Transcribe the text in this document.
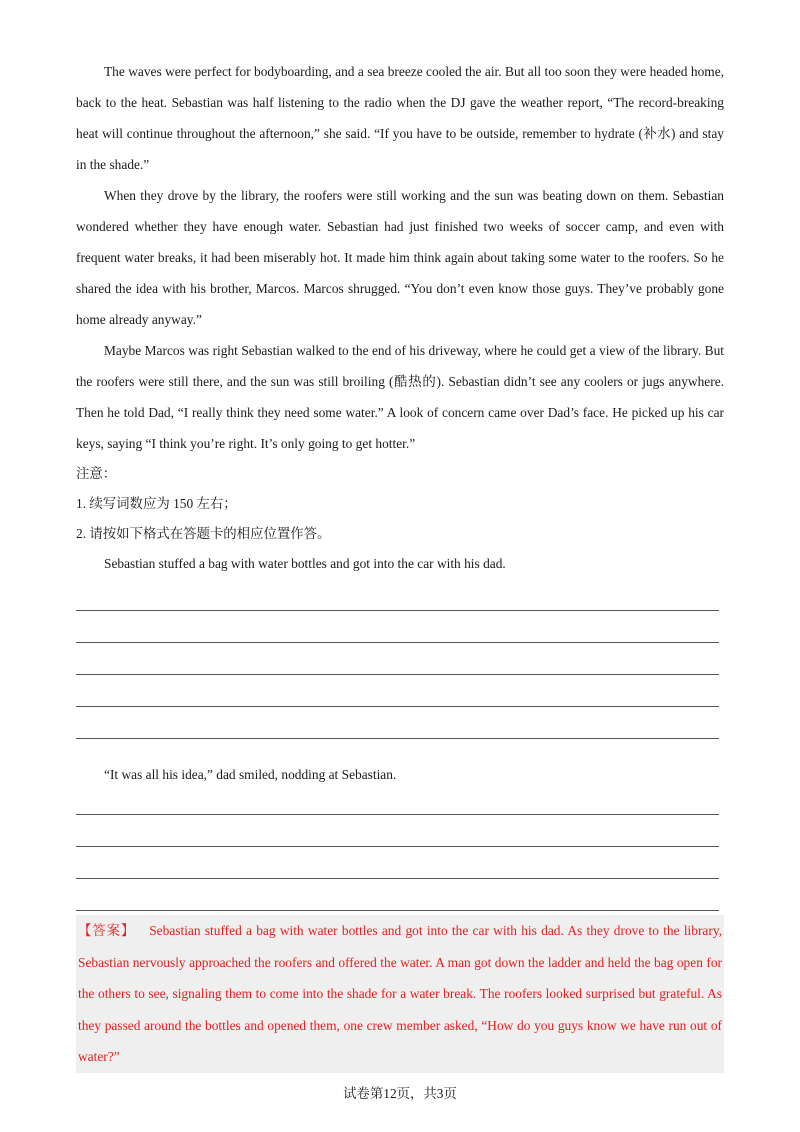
The waves were perfect for bodyboarding, and a sea breeze cooled the air. But all too soon they were headed home, back to the heat. Sebastian was half listening to the radio when the DJ gave the weather report, “The record-breaking heat will continue throughout the afternoon,” she said. “If you have to be outside, remember to hydrate (补水) and stay in the shade.”

When they drove by the library, the roofers were still working and the sun was beating down on them. Sebastian wondered whether they have enough water. Sebastian had just finished two weeks of soccer camp, and even with frequent water breaks, it had been miserably hot. It made him think again about taking some water to the roofers. So he shared the idea with his brother, Marcos. Marcos shrugged. “You don’t even know those guys. They’ve probably gone home already anyway.”

Maybe Marcos was right Sebastian walked to the end of his driveway, where he could get a view of the library. But the roofers were still there, and the sun was still broiling (酷热的). Sebastian didn’t see any coolers or jugs anywhere. Then he told Dad, “I really think they need some water.” A look of concern came over Dad’s face. He picked up his car keys, saying “I think you’re right. It’s only going to get hotter.”

注意：

1. 续写词数应为 150 左右；

2. 请按如下格式在答题卡的相应位置作答。

Sebastian stuffed a bag with water bottles and got into the car with his dad.

“It was all his idea,” dad smiled, nodding at Sebastian.

【答案】 Sebastian stuffed a bag with water bottles and got into the car with his dad. As they drove to the library, Sebastian nervously approached the roofers and offered the water. A man got down the ladder and held the bag open for the others to see, signaling them to come into the shade for a water break. The roofers looked surprised but grateful. As they passed around the bottles and opened them, one crew member asked, “How do you guys know we have run out of water?”

试卷第12页，共3页
